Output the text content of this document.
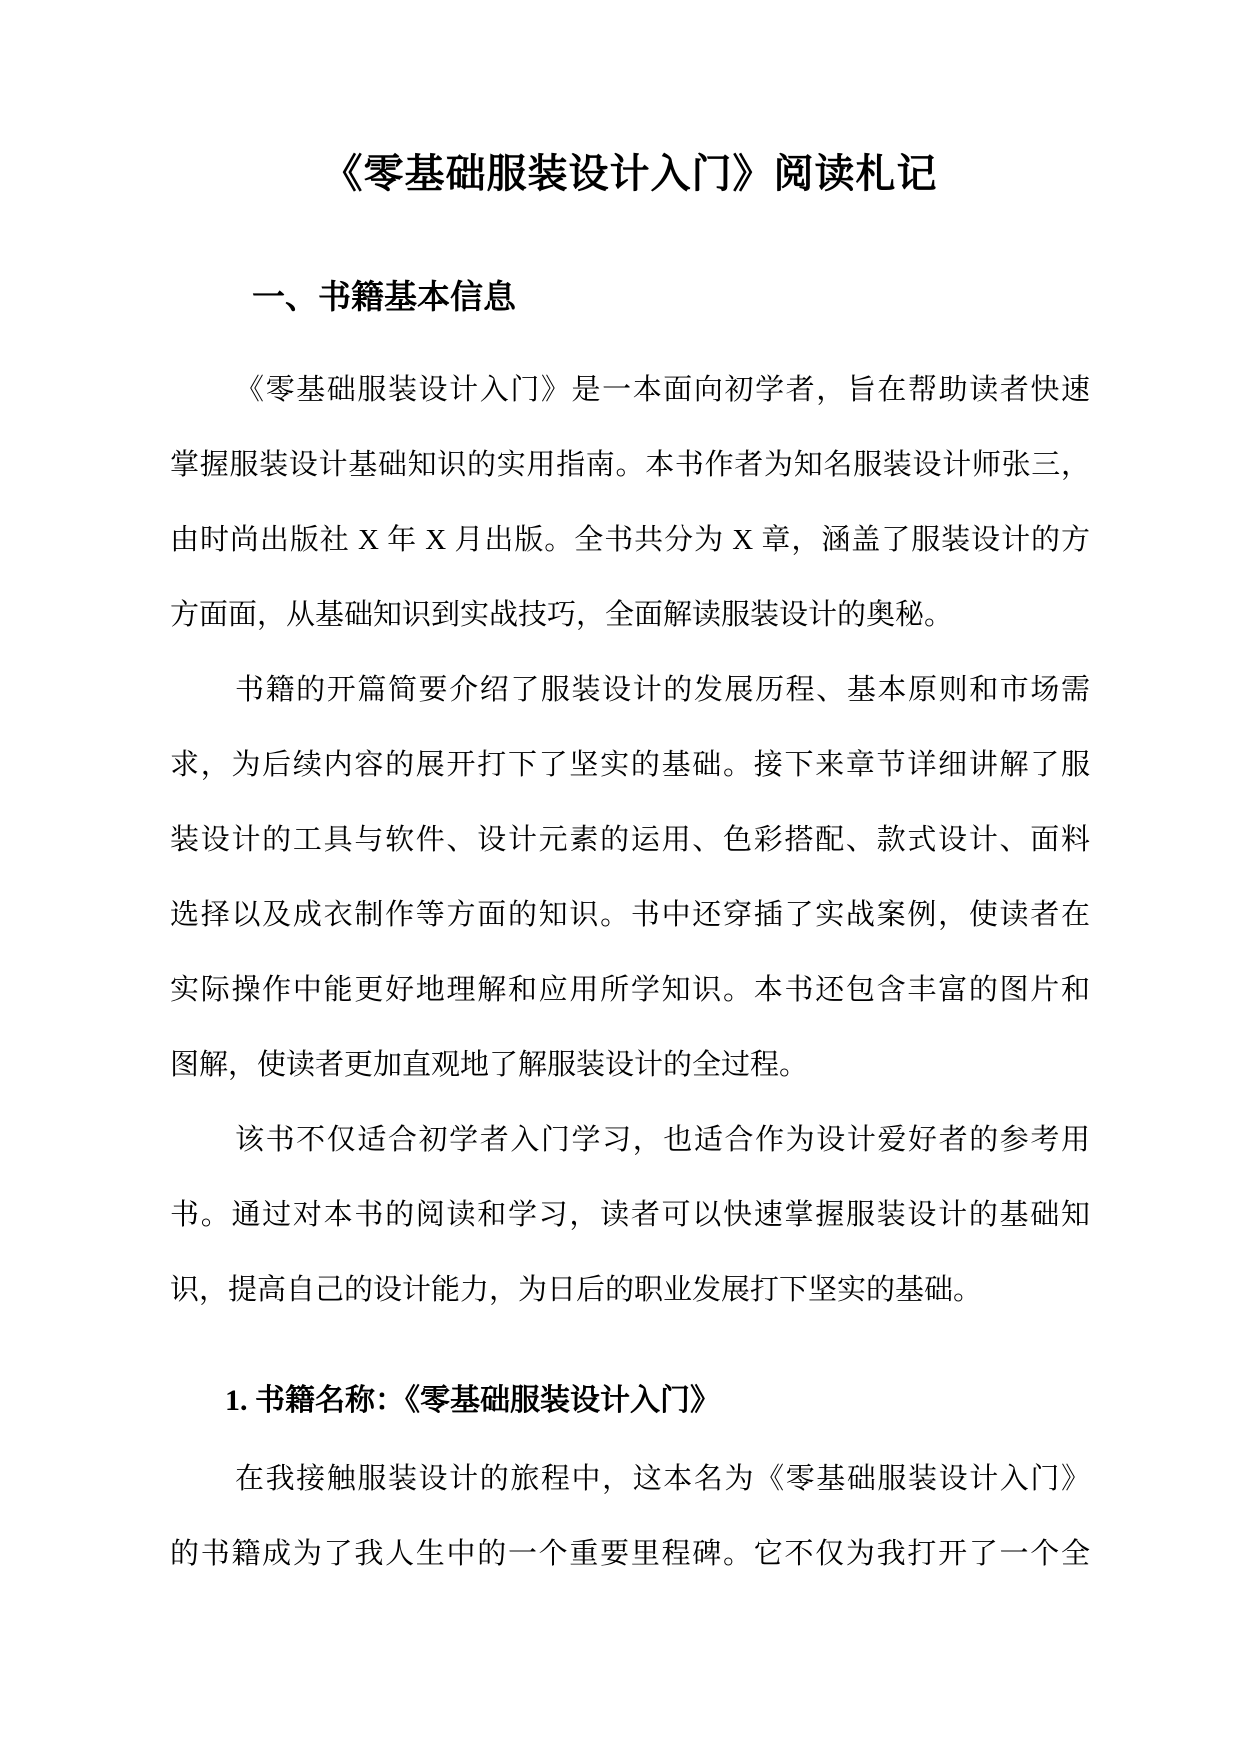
《零基础服装设计入门》阅读札记
一、书籍基本信息
《零基础服装设计入门》是一本面向初学者，旨在帮助读者快速
掌握服装设计基础知识的实用指南。本书作者为知名服装设计师张三，
由时尚出版社 X 年 X 月出版。全书共分为 X 章，涵盖了服装设计的方
方面面，从基础知识到实战技巧，全面解读服装设计的奥秘。
书籍的开篇简要介绍了服装设计的发展历程、基本原则和市场需
求，为后续内容的展开打下了坚实的基础。接下来章节详细讲解了服
装设计的工具与软件、设计元素的运用、色彩搭配、款式设计、面料
选择以及成衣制作等方面的知识。书中还穿插了实战案例，使读者在
实际操作中能更好地理解和应用所学知识。本书还包含丰富的图片和
图解，使读者更加直观地了解服装设计的全过程。
该书不仅适合初学者入门学习，也适合作为设计爱好者的参考用
书。通过对本书的阅读和学习，读者可以快速掌握服装设计的基础知
识，提高自己的设计能力，为日后的职业发展打下坚实的基础。
1. 书籍名称：《零基础服装设计入门》
在我接触服装设计的旅程中，这本名为《零基础服装设计入门》
的书籍成为了我人生中的一个重要里程碑。它不仅为我打开了一个全
